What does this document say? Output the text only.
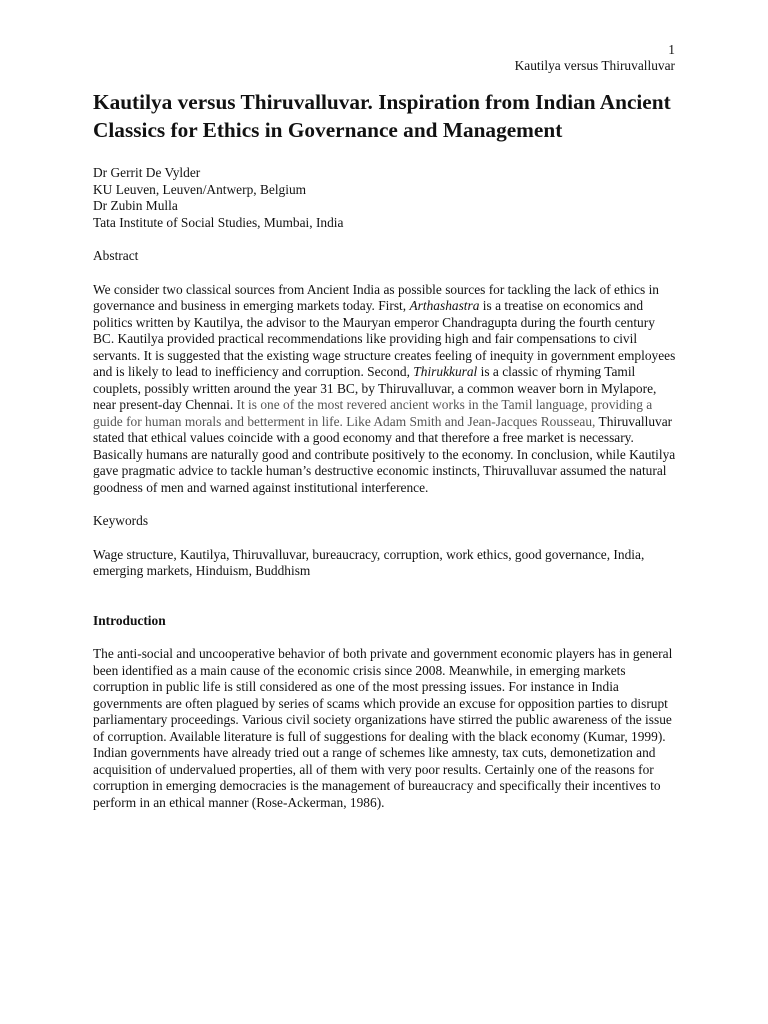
1
Kautilya versus Thiruvalluvar
Kautilya versus Thiruvalluvar. Inspiration from Indian Ancient Classics for Ethics in Governance and Management
Dr Gerrit De Vylder
KU Leuven, Leuven/Antwerp, Belgium
Dr Zubin Mulla
Tata Institute of Social Studies, Mumbai, India
Abstract

We consider two classical sources from Ancient India as possible sources for tackling the lack of ethics in governance and business in emerging markets today. First, Arthashastra is a treatise on economics and politics written by Kautilya, the advisor to the Mauryan emperor Chandragupta during the fourth century BC. Kautilya provided practical recommendations like providing high and fair compensations to civil servants. It is suggested that the existing wage structure creates feeling of inequity in government employees and is likely to lead to inefficiency and corruption. Second, Thirukkural is a classic of rhyming Tamil couplets, possibly written around the year 31 BC, by Thiruvalluvar, a common weaver born in Mylapore, near present-day Chennai. It is one of the most revered ancient works in the Tamil language, providing a guide for human morals and betterment in life. Like Adam Smith and Jean-Jacques Rousseau, Thiruvalluvar stated that ethical values coincide with a good economy and that therefore a free market is necessary. Basically humans are naturally good and contribute positively to the economy. In conclusion, while Kautilya gave pragmatic advice to tackle human’s destructive economic instincts, Thiruvalluvar assumed the natural goodness of men and warned against institutional interference.

Keywords

Wage structure, Kautilya, Thiruvalluvar, bureaucracy, corruption, work ethics, good governance, India, emerging markets, Hinduism, Buddhism

Introduction

The anti-social and uncooperative behavior of both private and government economic players has in general been identified as a main cause of the economic crisis since 2008. Meanwhile, in emerging markets corruption in public life is still considered as one of the most pressing issues. For instance in India governments are often plagued by series of scams which provide an excuse for opposition parties to disrupt parliamentary proceedings. Various civil society organizations have stirred the public awareness of the issue of corruption. Available literature is full of suggestions for dealing with the black economy (Kumar, 1999). Indian governments have already tried out a range of schemes like amnesty, tax cuts, demonetization and acquisition of undervalued properties, all of them with very poor results. Certainly one of the reasons for corruption in emerging democracies is the management of bureaucracy and specifically their incentives to perform in an ethical manner (Rose-Ackerman, 1986).
